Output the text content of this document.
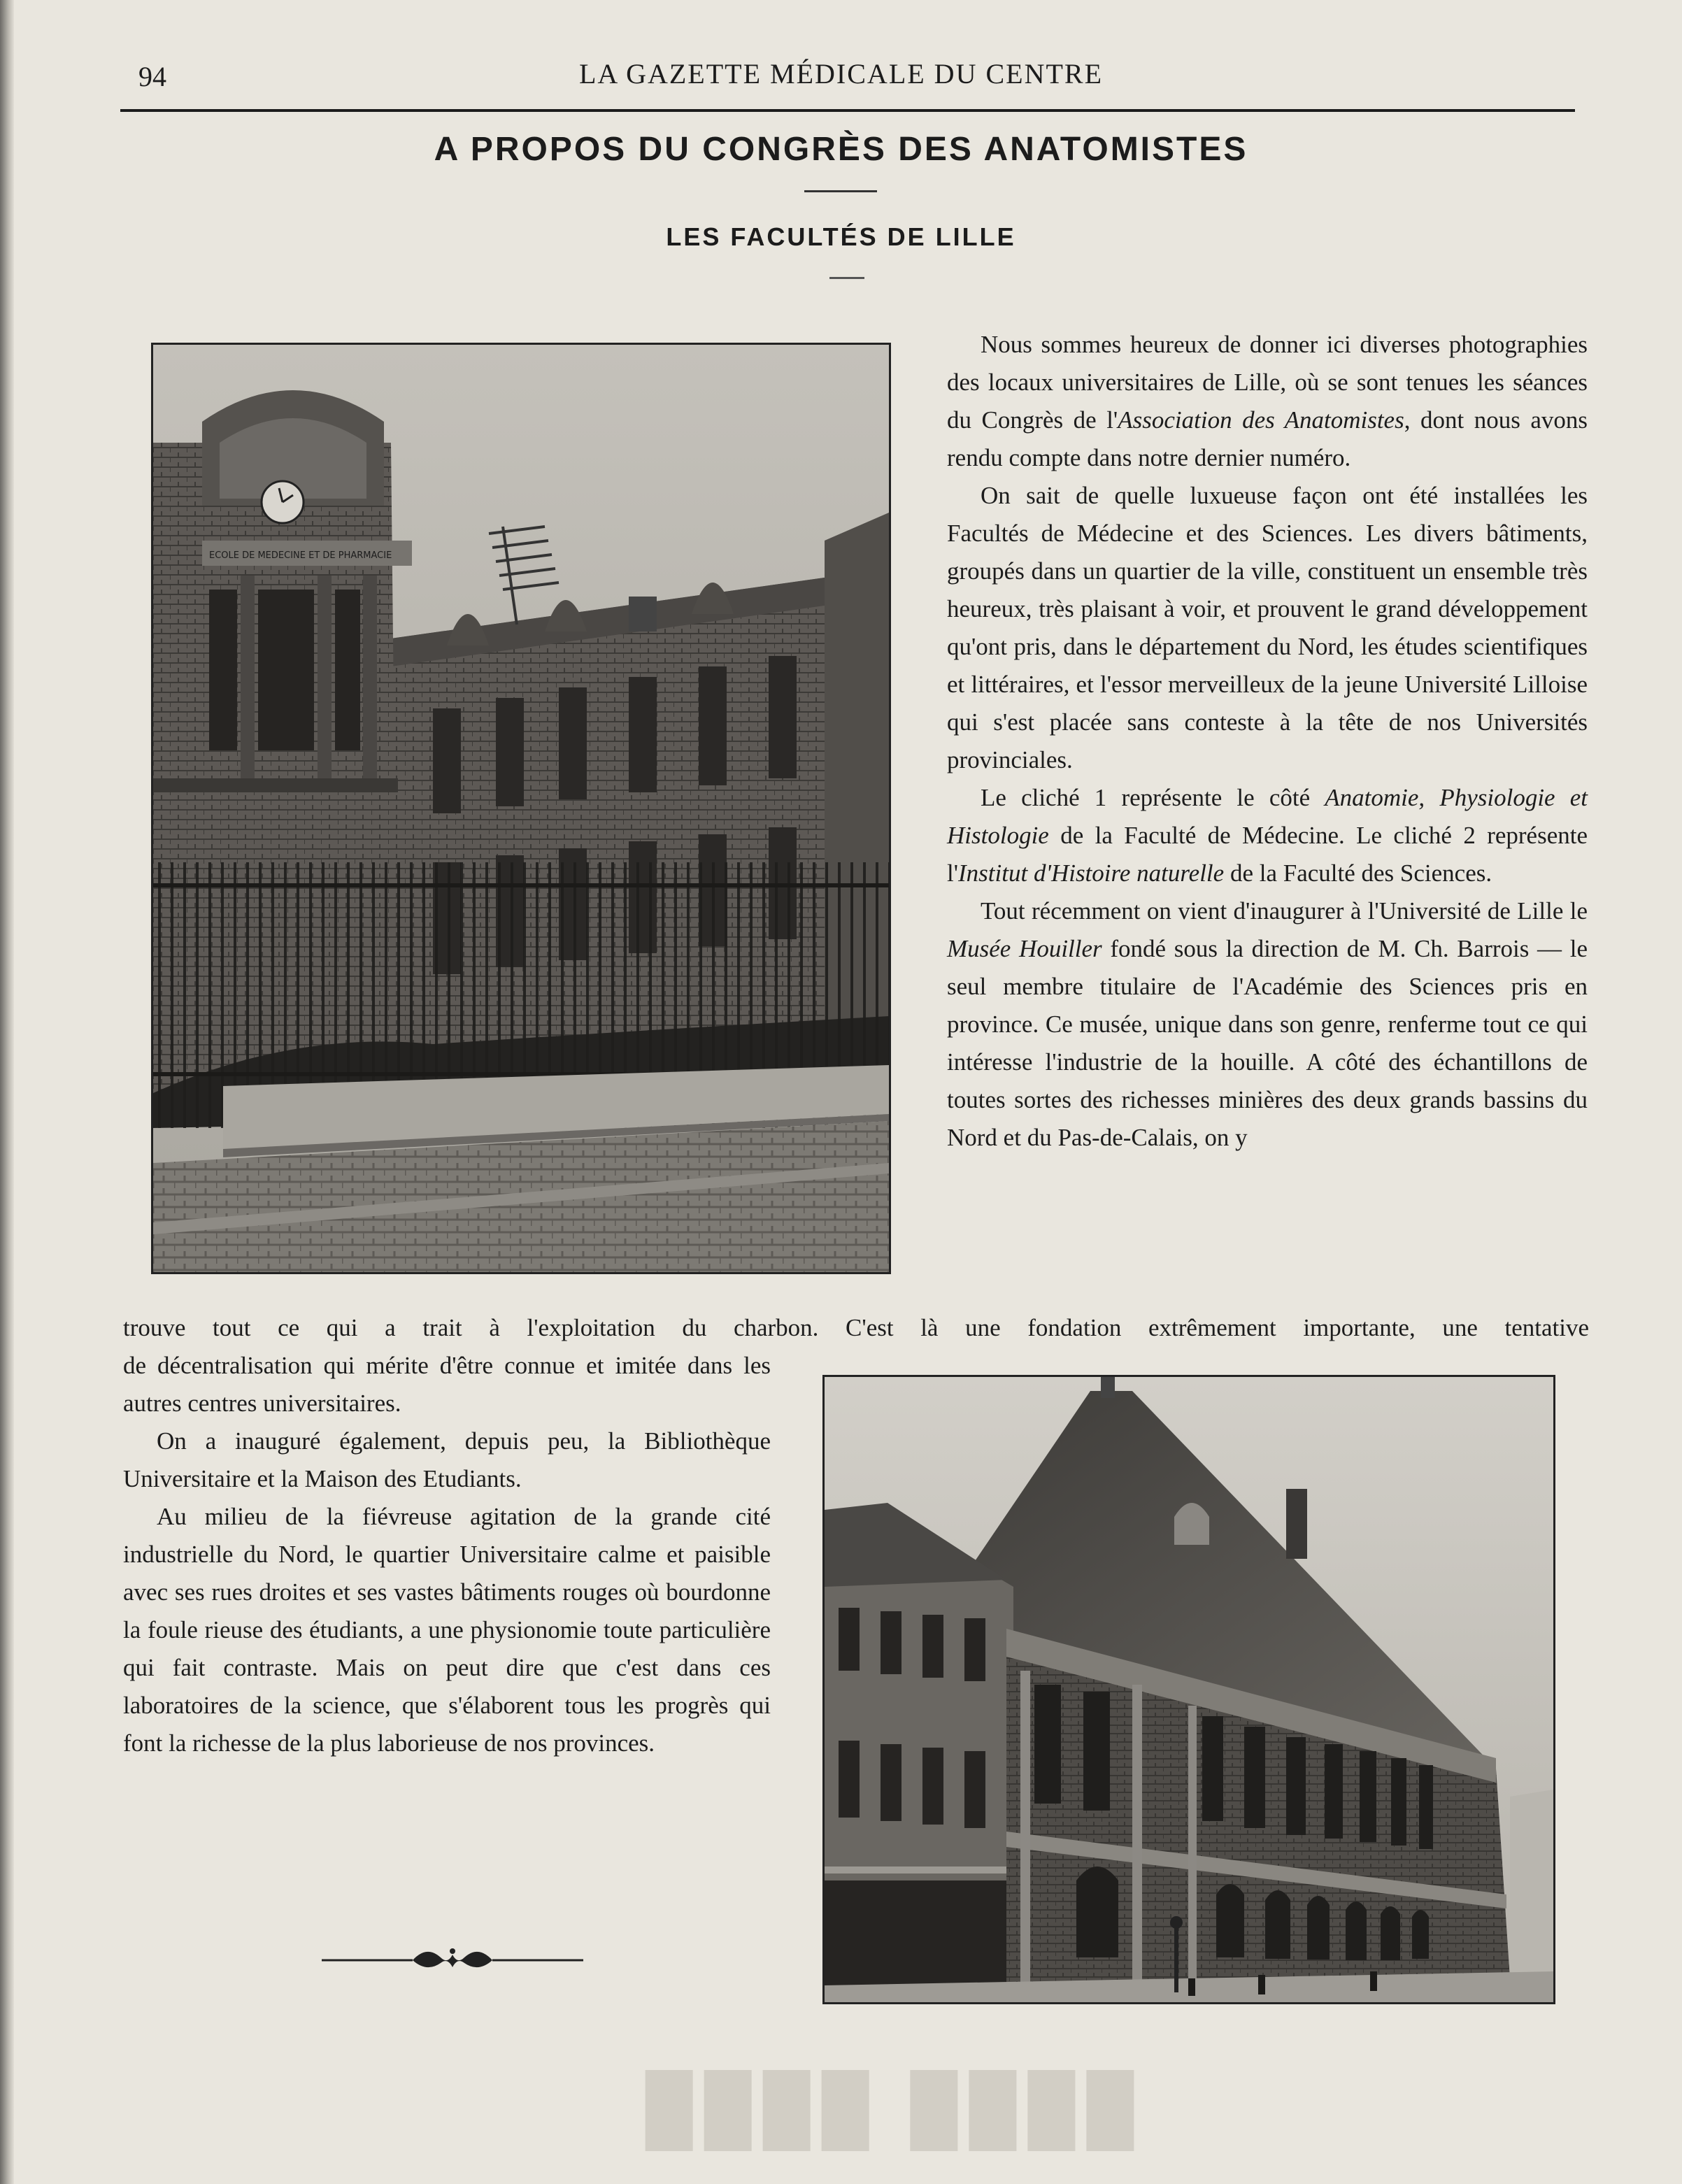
94	LA GAZETTE MÉDICALE DU CENTRE
A PROPOS DU CONGRÈS DES ANATOMISTES
LES FACULTÉS DE LILLE
ECOLE DE MEDECINE ET DE PHARMACIE

Nous sommes heureux de donner ici diverses photographies des locaux universitaires de Lille, où se sont tenues les séances du Congrès de l'Association des Anatomistes, dont nous avons rendu compte dans notre dernier numéro.

On sait de quelle luxueuse façon ont été installées les Facultés de Médecine et des Sciences. Les divers bâtiments, groupés dans un quartier de la ville, constituent un ensemble très heureux, très plaisant à voir, et prouvent le grand développement qu'ont pris, dans le département du Nord, les études scientifiques et littéraires, et l'essor merveilleux de la jeune Université Lilloise qui s'est placée sans conteste à la tête de nos Universités provinciales.

Le cliché 1 représente le côté Anatomie, Physiologie et Histologie de la Faculté de Médecine. Le cliché 2 représente l'Institut d'Histoire naturelle de la Faculté des Sciences.

Tout récemment on vient d'inaugurer à l'Université de Lille le Musée Houiller fondé sous la direction de M. Ch. Barrois — le seul membre titulaire de l'Académie des Sciences pris en province. Ce musée, unique dans son genre, renferme tout ce qui intéresse l'industrie de la houille. A côté des échantillons de toutes sortes des richesses minières des deux grands bassins du Nord et du Pas-de-Calais, on y

trouve tout ce qui a trait à l'exploitation du charbon. C'est là une fondation extrêmement importante, une tentative

de décentralisation qui mérite d'être connue et imitée dans les autres centres universitaires.

On a inauguré également, depuis peu, la Bibliothèque Universitaire et la Maison des Etudiants.

Au milieu de la fiévreuse agitation de la grande cité industrielle du Nord, le quartier Universitaire calme et paisible avec ses rues droites et ses vastes bâtiments rouges où bourdonne la foule rieuse des étudiants, a une physionomie toute particulière qui fait contraste. Mais on peut dire que c'est dans ces laboratoires de la science, que s'élaborent tous les progrès qui font la richesse de la plus laborieuse de nos provinces.

████ ████
